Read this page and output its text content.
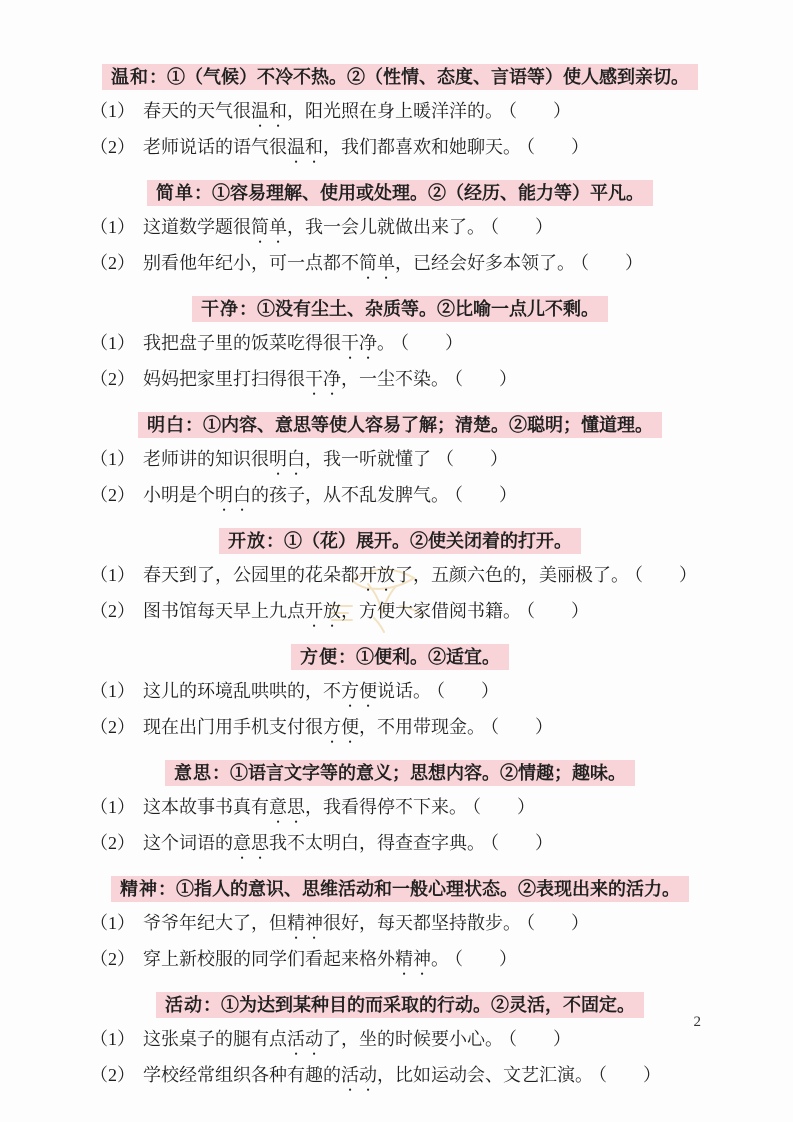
温和：①（气候）不冷不热。②（性情、态度、言语等）使人感到亲切。

（1） 春天的天气很温和，阳光照在身上暖洋洋的。 （　　）

（2） 老师说话的语气很温和，我们都喜欢和她聊天。 （　　）

简单：①容易理解、使用或处理。②（经历、能力等）平凡。

（1） 这道数学题很简单，我一会儿就做出来了。 （　　）

（2） 别看他年纪小，可一点都不简单，已经会好多本领了。 （　　）

干净：①没有尘土、杂质等。②比喻一点儿不剩。

（1） 我把盘子里的饭菜吃得很干净。 （　　）

（2） 妈妈把家里打扫得很干净，一尘不染。 （　　）

明白：①内容、意思等使人容易了解；清楚。②聪明；懂道理。

（1） 老师讲的知识很明白，我一听就懂了 （　　）

（2） 小明是个明白的孩子，从不乱发脾气。 （　　）

开放：①（花）展开。②使关闭着的打开。

（1） 春天到了，公园里的花朵都开放了，五颜六色的，美丽极了。 （　　）

（2） 图书馆每天早上九点开放，方便大家借阅书籍。 （　　）

方便：①便利。②适宜。

（1） 这儿的环境乱哄哄的，不方便说话。 （　　）

（2） 现在出门用手机支付很方便，不用带现金。 （　　）

意思：①语言文字等的意义；思想内容。②情趣；趣味。

（1） 这本故事书真有意思，我看得停不下来。 （　　）

（2） 这个词语的意思我不太明白，得查查字典。 （　　）

精神：①指人的意识、思维活动和一般心理状态。②表现出来的活力。

（1） 爷爷年纪大了，但精神很好，每天都坚持散步。 （　　）

（2） 穿上新校服的同学们看起来格外精神。 （　　）

活动：①为达到某种目的而采取的行动。②灵活，不固定。

（1） 这张桌子的腿有点活动了，坐的时候要小心。 （　　）

（2） 学校经常组织各种有趣的活动，比如运动会、文艺汇演。 （　　）

2
